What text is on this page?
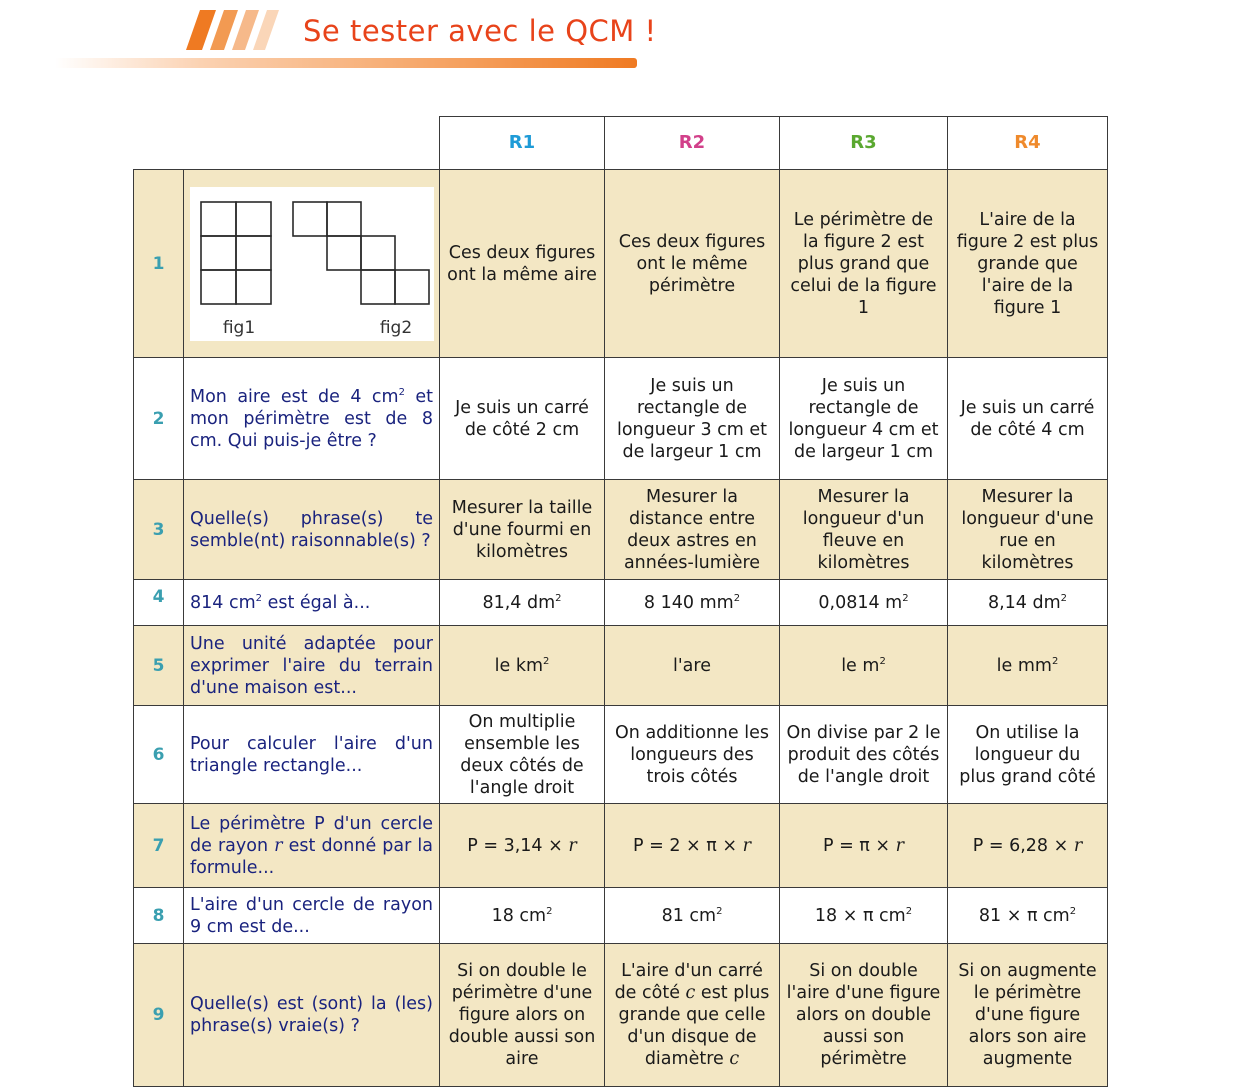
Se tester avec le QCM !
		R1	R2	R3	R4
1	fig1 fig2	Ces deux figures ont la même aire	Ces deux figures ont le même périmètre	Le périmètre de la figure 2 est plus grand que celui de la figure 1	L'aire de la figure 2 est plus grande que l'aire de la figure 1
2	Mon aire est de 4 $cm^2$ et mon périmètre est de 8 cm. Qui puis-je être ?	Je suis un carré de côté 2 cm	Je suis un rectangle de longueur 3 cm et de largeur 1 cm	Je suis un rectangle de longueur 4 cm et de largeur 1 cm	Je suis un carré de côté 4 cm
3	Quelle(s) phrase(s) te semble(nt) raisonnable(s) ?	Mesurer la taille d'une fourmi en kilomètres	Mesurer la distance entre deux astres en années-lumière	Mesurer la longueur d'un fleuve en kilomètres	Mesurer la longueur d'une rue en kilomètres
4	814 $cm^2$ est égal à...	81,4 $dm^2$	8 140 $mm^2$	0,0814 $m^2$	8,14 $dm^2$
5	Une unité adaptée pour exprimer l'aire du terrain d'une maison est...	le $km^2$	l'are	le $m^2$	le $mm^2$
6	Pour calculer l'aire d'un triangle rectangle...	On multiplie ensemble les deux côtés de l'angle droit	On additionne les longueurs des trois côtés	On divise par 2 le produit des côtés de l'angle droit	On utilise la longueur du plus grand côté
7	Le périmètre P d'un cercle de rayon r est donné par la formule...	P = 3,14 × r	P = 2 × π × r	P = π × r	P = 6,28 × r
8	L'aire d'un cercle de rayon 9 cm est de...	18 $cm^2$	81 $cm^2$	18 × π $cm^2$	81 × π $cm^2$
9	Quelle(s) est (sont) la (les) phrase(s) vraie(s) ?	Si on double le périmètre d'une figure alors on double aussi son aire	L'aire d'un carré de côté c est plus grande que celle d'un disque de diamètre c	Si on double l'aire d'une figure alors on double aussi son périmètre	Si on augmente le périmètre d'une figure alors son aire augmente
